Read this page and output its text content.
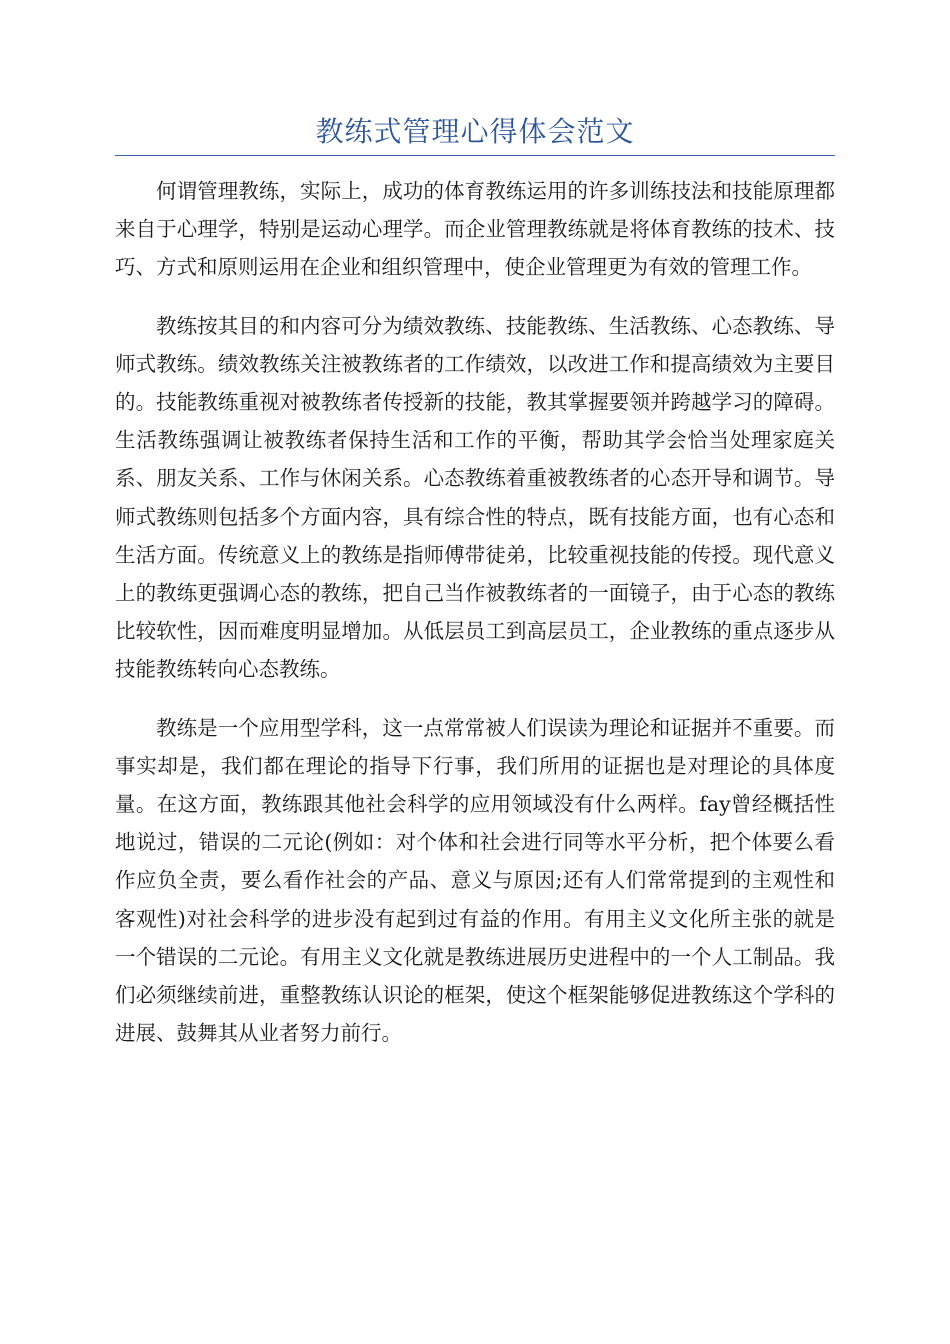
教练式管理心得体会范文

何谓管理教练，实际上，成功的体育教练运用的许多训练技法和技能原理都来自于心理学，特别是运动心理学。而企业管理教练就是将体育教练的技术、技巧、方式和原则运用在企业和组织管理中，使企业管理更为有效的管理工作。

教练按其目的和内容可分为绩效教练、技能教练、生活教练、心态教练、导师式教练。绩效教练关注被教练者的工作绩效，以改进工作和提高绩效为主要目的。技能教练重视对被教练者传授新的技能，教其掌握要领并跨越学习的障碍。生活教练强调让被教练者保持生活和工作的平衡，帮助其学会恰当处理家庭关系、朋友关系、工作与休闲关系。心态教练着重被教练者的心态开导和调节。导师式教练则包括多个方面内容，具有综合性的特点，既有技能方面，也有心态和生活方面。传统意义上的教练是指师傅带徒弟，比较重视技能的传授。现代意义上的教练更强调心态的教练，把自己当作被教练者的一面镜子，由于心态的教练比较软性，因而难度明显增加。从低层员工到高层员工，企业教练的重点逐步从技能教练转向心态教练。

教练是一个应用型学科，这一点常常被人们误读为理论和证据并不重要。而事实却是，我们都在理论的指导下行事，我们所用的证据也是对理论的具体度量。在这方面，教练跟其他社会科学的应用领域没有什么两样。fay曾经概括性地说过，错误的二元论(例如：对个体和社会进行同等水平分析，把个体要么看作应负全责，要么看作社会的产品、意义与原因;还有人们常常提到的主观性和客观性)对社会科学的进步没有起到过有益的作用。有用主义文化所主张的就是一个错误的二元论。有用主义文化就是教练进展历史进程中的一个人工制品。我们必须继续前进，重整教练认识论的框架，使这个框架能够促进教练这个学科的进展、鼓舞其从业者努力前行。
